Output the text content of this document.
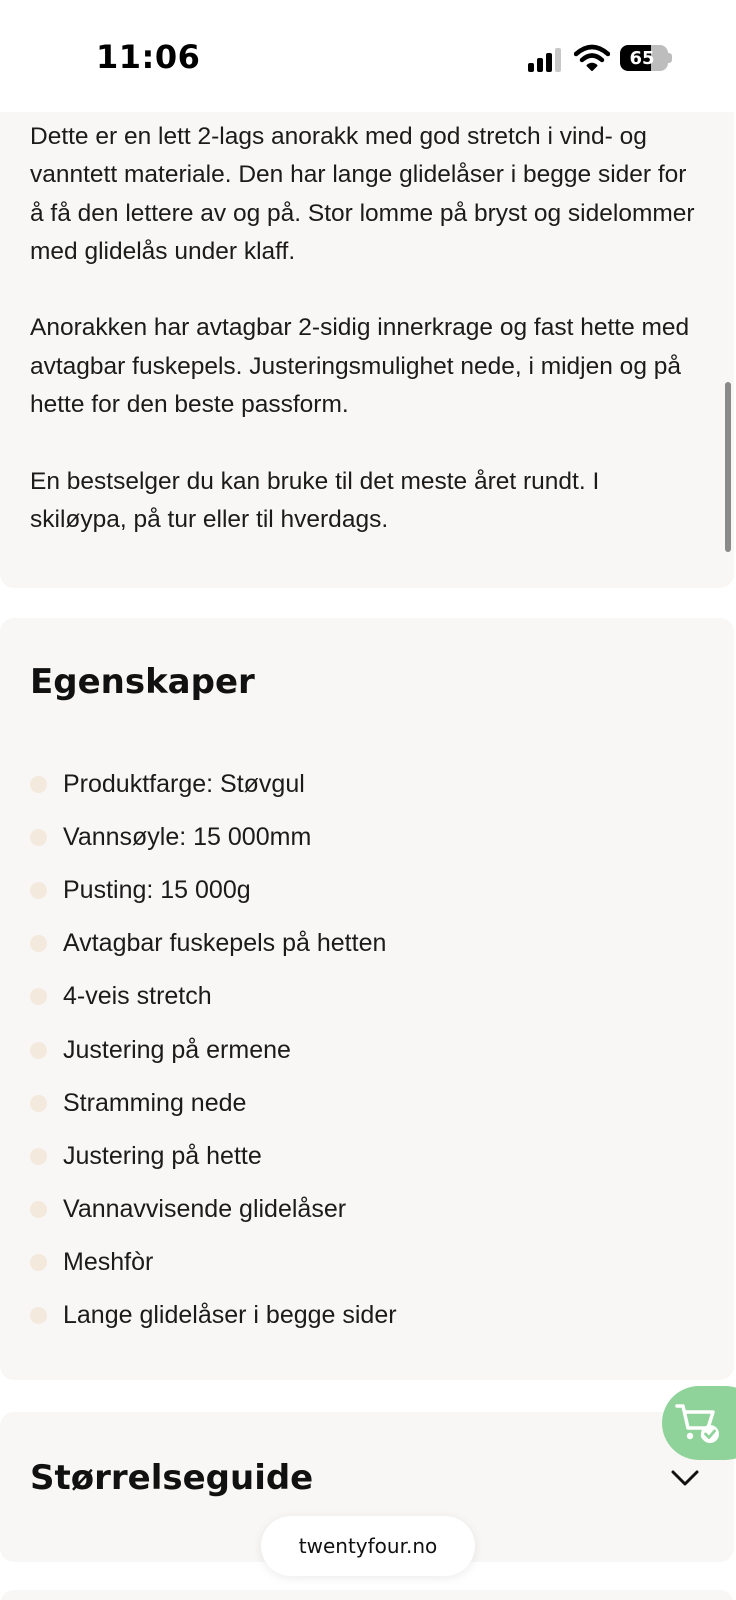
11:06	65

Dette er en lett 2-lags anorakk med god stretch i vind- og vanntett materiale. Den har lange glidelåser i begge sider for å få den lettere av og på. Stor lomme på bryst og sidelommer med glidelås under klaff.

Anorakken har avtagbar 2-sidig innerkrage og fast hette med avtagbar fuskepels. Justeringsmulighet nede, i midjen og på hette for den beste passform.

En bestselger du kan bruke til det meste året rundt. I skiløypa, på tur eller til hverdags.

Egenskaper
Produktfarge: Støvgul
Vannsøyle: 15 000mm
Pusting: 15 000g
Avtagbar fuskepels på hetten
4-veis stretch
Justering på ermene
Stramming nede
Justering på hette
Vannavvisende glidelåser
Meshfòr
Lange glidelåser i begge sider
Størrelseguide
twentyfour.no
